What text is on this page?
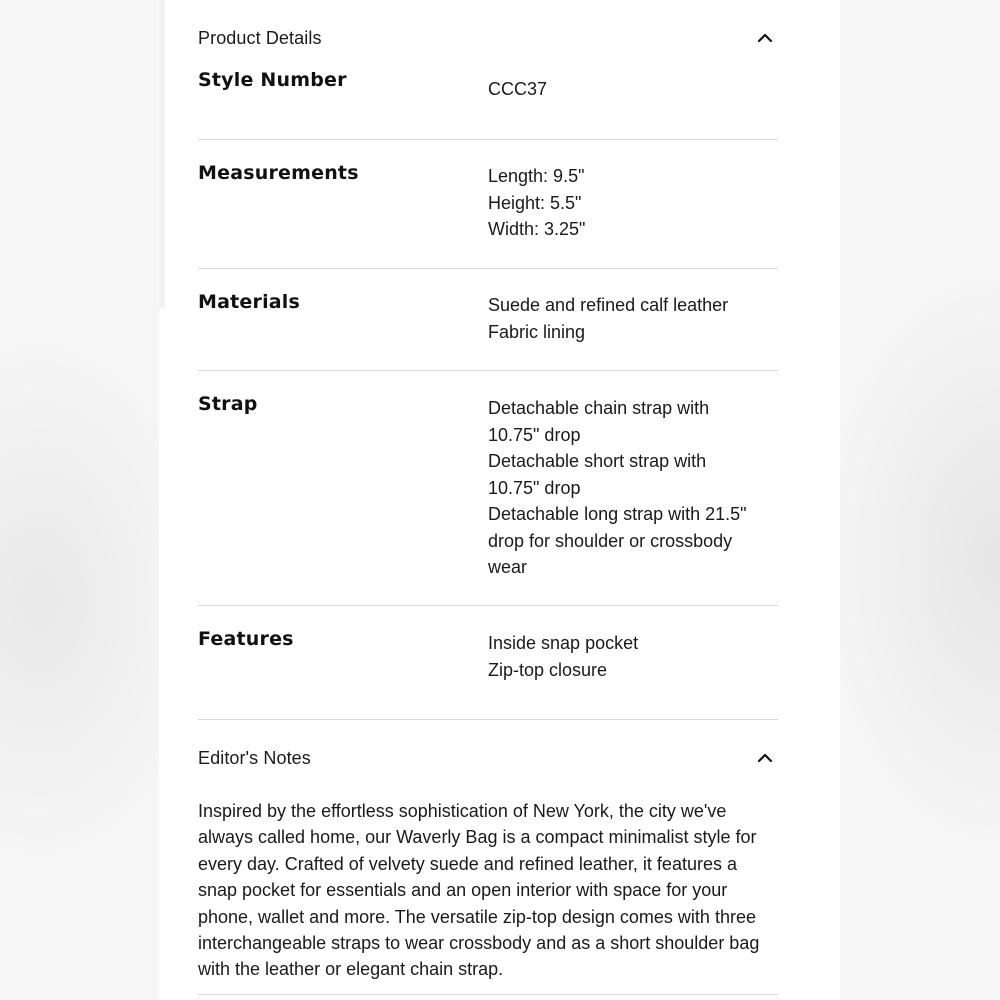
Product Details
Style Number	CCC37
Measurements	Length: 9.5"
Height: 5.5"
Width: 3.25"
Materials	Suede and refined calf leather
Fabric lining
Strap	Detachable chain strap with
10.75" drop
Detachable short strap with
10.75" drop
Detachable long strap with 21.5"
drop for shoulder or crossbody
wear
Features	Inside snap pocket
Zip-top closure
Editor's Notes
Inspired by the effortless sophistication of New York, the city we've always called home, our Waverly Bag is a compact minimalist style for every day. Crafted of velvety suede and refined leather, it features a snap pocket for essentials and an open interior with space for your phone, wallet and more. The versatile zip-top design comes with three interchangeable straps to wear crossbody and as a short shoulder bag with the leather or elegant chain strap.
